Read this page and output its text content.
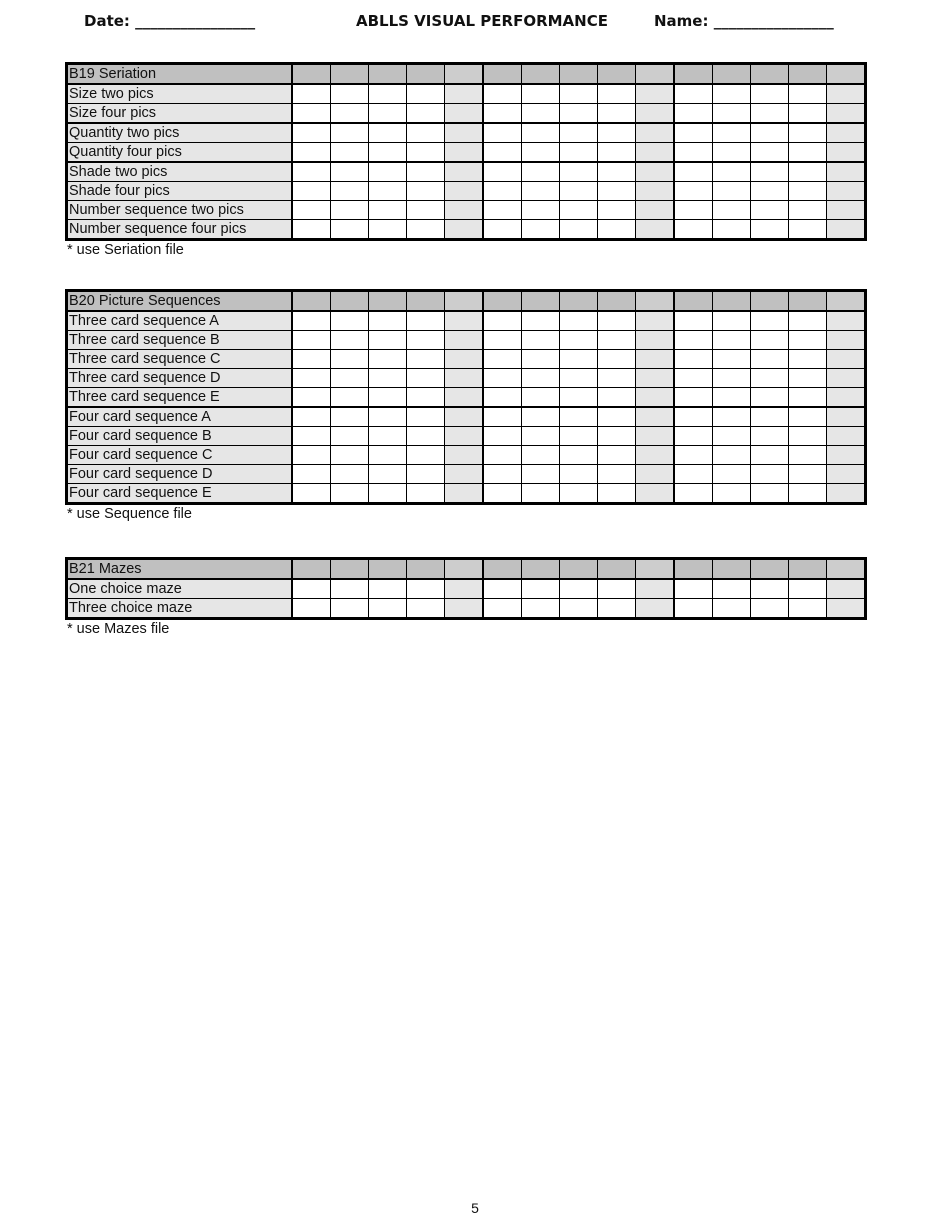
Date: ________________	ABLLS VISUAL PERFORMANCE	Name: ________________
B19 Seriation															
Size two pics															
Size four pics															
Quantity two pics															
Quantity four pics															
Shade two pics															
Shade four pics															
Number sequence two pics															
Number sequence four pics															
* use Seriation file
B20 Picture Sequences															
Three card sequence A															
Three card sequence B															
Three card sequence C															
Three card sequence D															
Three card sequence E															
Four card sequence A															
Four card sequence B															
Four card sequence C															
Four card sequence D															
Four card sequence E															
* use Sequence file
B21 Mazes															
One choice maze															
Three choice maze															
* use Mazes file
5
